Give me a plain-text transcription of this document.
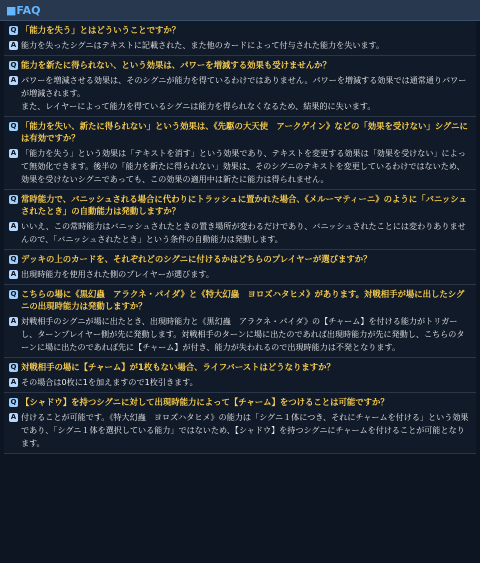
■FAQ
Q 「能力を失う」とはどういうことですか？
A 能力を失ったシグニはテキストに記載された、また他のカードによって付与された能力を失います。
Q 能力を新たに得られない、という効果は、パワーを増減する効果も受けませんか？
A パワーを増減させる効果は、そのシグニが能力を得ているわけではありません。パワーを増減する効果では通常通りパワーが増減されます。
また、レイヤーによって能力を得ているシグニは能力を得られなくなるため、結果的に失います。
Q 「能力を失い、新たに得られない」という効果は、《先駆の大天使　アークゲイン》などの「効果を受けない」シグニには有効ですか？
A 「能力を失う」という効果は「テキストを消す」という効果であり、テキストを変更する効果は「効果を受けない」によって無効化できます。後半の「能力を新たに得られない」効果は、そのシグニのテキストを変更しているわけではないため、効果を受けないシグニであっても、この効果の適用中は新たに能力は得られません。
Q 常時能力で、バニッシュされる場合に代わりにトラッシュに置かれた場合、《メルーマティーニ》のように「バニッシュされたとき」の自動能力は発動しますか？
A いいえ、この常時能力はバニッシュされたときの置き場所が変わるだけであり、バニッシュされたことには変わりありませんので、「バニッシュされたとき」という条件の自動能力は発動します。
Q デッキの上のカードを、それぞれどのシグニに付けるかはどちらのプレイヤーが選びますか？
A 出現時能力を使用された側のプレイヤーが選びます。
Q こちらの場に《黒幻蟲　アラクネ・パイダ》と《特大幻蟲　ヨロズハタヒメ》があります。対戦相手が場に出したシグニの出現時能力は発動しますか？
A 対戦相手のシグニが場に出たとき、出現時能力と《黒幻蟲　アラクネ・パイダ》の【チャーム】を付ける能力がトリガーし、ターンプレイヤー側が先に発動します。対戦相手のターンに場に出たのであれば出現時能力が先に発動し、こちらのターンに場に出たのであれば先に【チャーム】が付き、能力が失われるので出現時能力は不発となります。
Q 対戦相手の場に【チャーム】が1枚もない場合、ライフバーストはどうなりますか？
A その場合は0枚に1を加えますので1枚引きます。
Q 【シャドウ】を持つシグニに対して出現時能力によって【チャーム】をつけることは可能ですか？
A 付けることが可能です。《特大幻蟲　ヨロズハタヒメ》の能力は「シグニ１体につき、それにチャームを付ける」という効果であり、「シグニ１体を選択している能力」ではないため、【シャドウ】を持つシグニにチャームを付けることが可能となります。
